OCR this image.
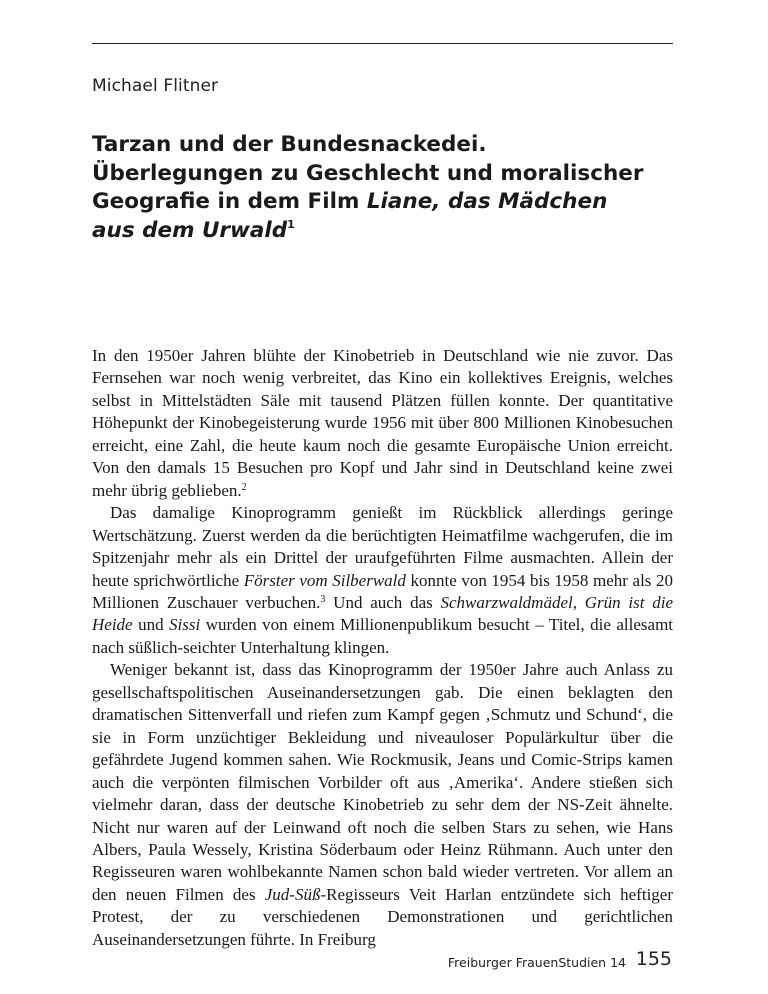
Michael Flitner
Tarzan und der Bundesnackedei.
Überlegungen zu Geschlecht und moralischer
Geografie in dem Film Liane, das Mädchen
aus dem Urwald$^1$

In den 1950er Jahren blühte der Kinobetrieb in Deutschland wie nie zuvor. Das Fernsehen war noch wenig verbreitet, das Kino ein kollektives Ereignis, welches selbst in Mittelstädten Säle mit tausend Plätzen füllen konnte. Der quantitative Höhepunkt der Kinobegeisterung wurde 1956 mit über 800 Millionen Kinobesuchen erreicht, eine Zahl, die heute kaum noch die gesamte Europäische Union erreicht. Von den damals 15 Besuchen pro Kopf und Jahr sind in Deutschland keine zwei mehr übrig geblieben.$^2$

Das damalige Kinoprogramm genießt im Rückblick allerdings geringe Wertschätzung. Zuerst werden da die berüchtigten Heimatfilme wachgerufen, die im Spitzenjahr mehr als ein Drittel der uraufgeführten Filme ausmachten. Allein der heute sprichwörtliche Förster vom Silberwald konnte von 1954 bis 1958 mehr als 20 Millionen Zuschauer verbuchen.$^3$ Und auch das Schwarzwaldmädel, Grün ist die Heide und Sissi wurden von einem Millionenpublikum besucht – Titel, die allesamt nach süßlich-seichter Unterhaltung klingen.

Weniger bekannt ist, dass das Kinoprogramm der 1950er Jahre auch Anlass zu gesellschaftspolitischen Auseinandersetzungen gab. Die einen beklagten den dramatischen Sittenverfall und riefen zum Kampf gegen ‚Schmutz und Schund‘, die sie in Form unzüchtiger Bekleidung und niveauloser Populärkultur über die gefährdete Jugend kommen sahen. Wie Rockmusik, Jeans und Comic-Strips kamen auch die verpönten filmischen Vorbilder oft aus ‚Amerika‘. Andere stießen sich vielmehr daran, dass der deutsche Kinobetrieb zu sehr dem der NS-Zeit ähnelte. Nicht nur waren auf der Leinwand oft noch die selben Stars zu sehen, wie Hans Albers, Paula Wessely, Kristina Söderbaum oder Heinz Rühmann. Auch unter den Regisseuren waren wohlbekannte Namen schon bald wieder vertreten. Vor allem an den neuen Filmen des Jud-Süß-Regisseurs Veit Harlan entzündete sich heftiger Protest, der zu verschiedenen Demonstrationen und gerichtlichen Auseinandersetzungen führte. In Freiburg

Freiburger FrauenStudien 14 155
